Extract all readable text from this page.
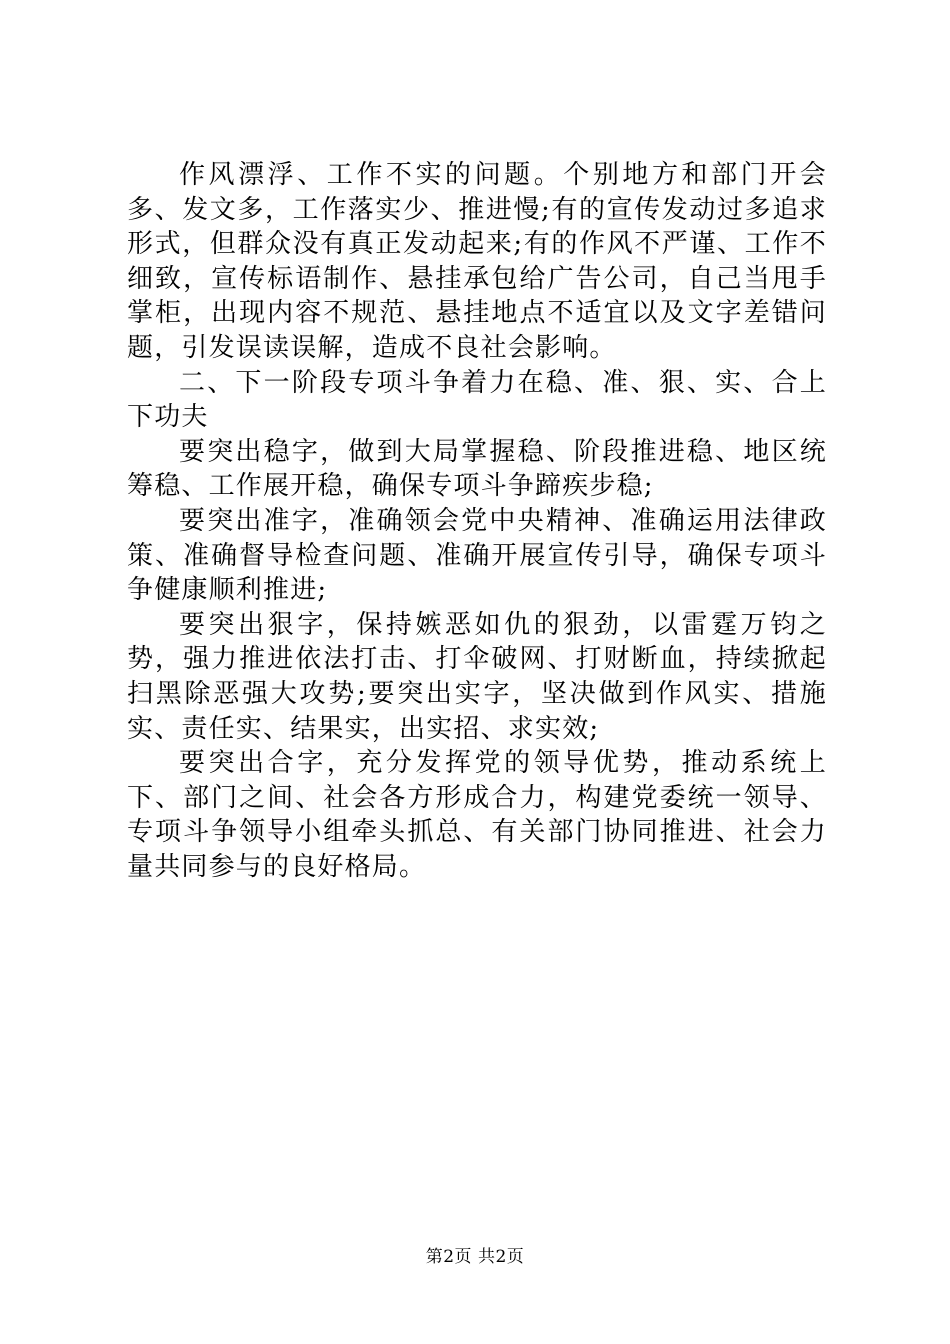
作风漂浮、工作不实的问题。个别地方和部门开会多、发文多，工作落实少、推进慢;有的宣传发动过多追求形式，但群众没有真正发动起来;有的作风不严谨、工作不细致，宣传标语制作、悬挂承包给广告公司，自己当甩手掌柜，出现内容不规范、悬挂地点不适宜以及文字差错问题，引发误读误解，造成不良社会影响。

二、下一阶段专项斗争着力在稳、准、狠、实、合上下功夫

要突出稳字，做到大局掌握稳、阶段推进稳、地区统筹稳、工作展开稳，确保专项斗争蹄疾步稳;

要突出准字，准确领会党中央精神、准确运用法律政策、准确督导检查问题、准确开展宣传引导，确保专项斗争健康顺利推进;

要突出狠字，保持嫉恶如仇的狠劲，以雷霆万钧之势，强力推进依法打击、打伞破网、打财断血，持续掀起扫黑除恶强大攻势;要突出实字，坚决做到作风实、措施实、责任实、结果实，出实招、求实效;

要突出合字，充分发挥党的领导优势，推动系统上下、部门之间、社会各方形成合力，构建党委统一领导、专项斗争领导小组牵头抓总、有关部门协同推进、社会力量共同参与的良好格局。

第2页 共2页
